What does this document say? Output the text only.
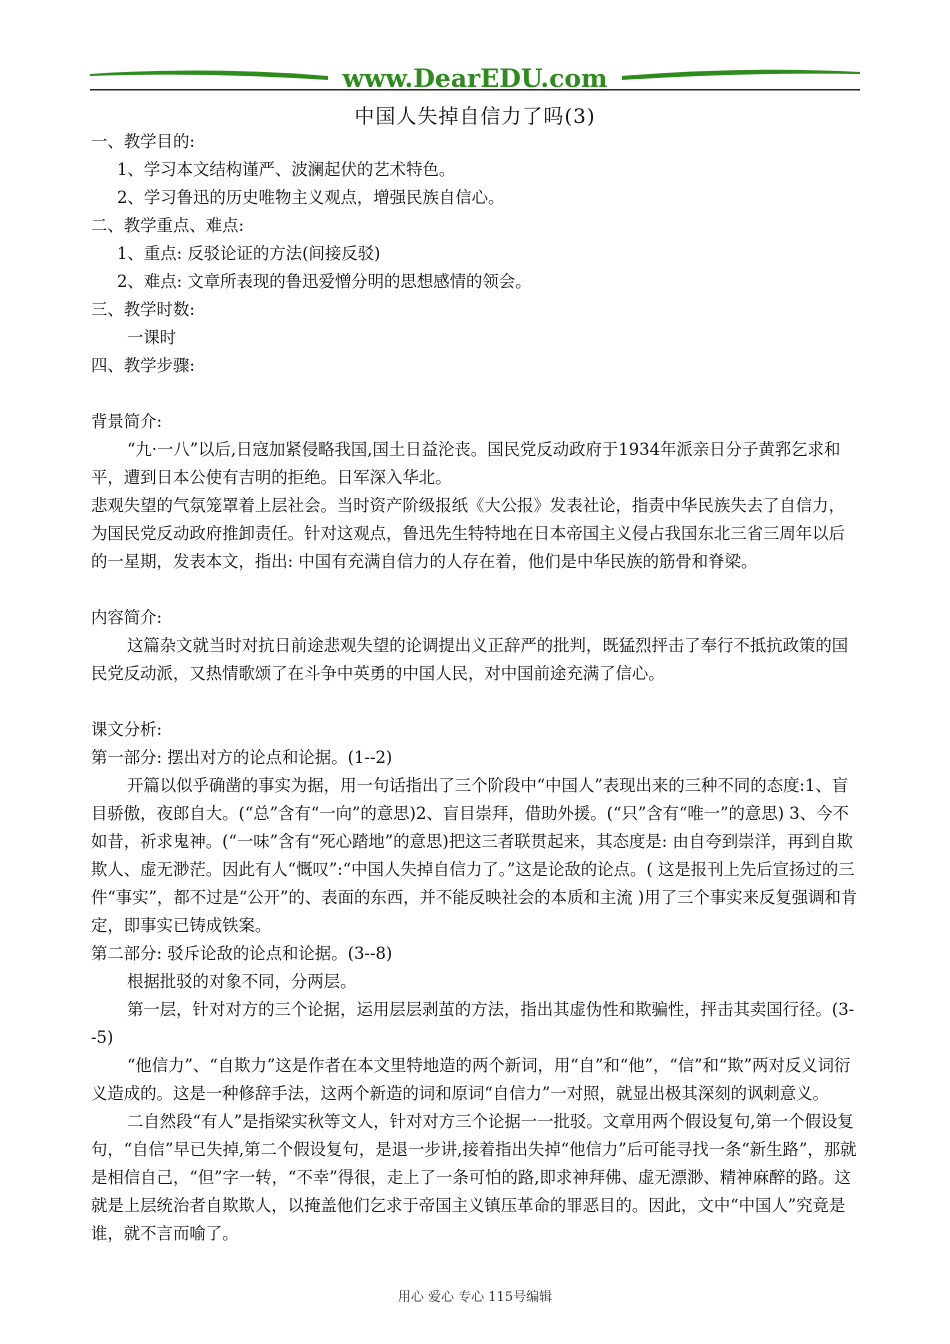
www.DearEDU.com
中国人失掉自信力了吗(3)

一、教学目的:

1、学习本文结构谨严、波澜起伏的艺术特色。

2、学习鲁迅的历史唯物主义观点，增强民族自信心。

二、教学重点、难点:

1、重点: 反驳论证的方法(间接反驳)

2、难点: 文章所表现的鲁迅爱憎分明的思想感情的领会。

三、教学时数:

一课时

四、教学步骤:

背景简介:

“九·一八”以后,日寇加紧侵略我国,国土日益沦丧。国民党反动政府于1934年派亲日分子黄郛乞求和平，遭到日本公使有吉明的拒绝。日军深入华北。

悲观失望的气氛笼罩着上层社会。当时资产阶级报纸《大公报》发表社论，指责中华民族失去了自信力，为国民党反动政府推卸责任。针对这观点，鲁迅先生特特地在日本帝国主义侵占我国东北三省三周年以后的一星期，发表本文，指出: 中国有充满自信力的人存在着，他们是中华民族的筋骨和脊梁。

内容简介:

这篇杂文就当时对抗日前途悲观失望的论调提出义正辞严的批判，既猛烈抨击了奉行不抵抗政策的国民党反动派，又热情歌颂了在斗争中英勇的中国人民，对中国前途充满了信心。

课文分析:

第一部分: 摆出对方的论点和论据。(1--2)

开篇以似乎确凿的事实为据，用一句话指出了三个阶段中“中国人”表现出来的三种不同的态度:1、盲目骄傲，夜郎自大。(“总”含有“一向”的意思)2、盲目崇拜，借助外援。(“只”含有“唯一”的意思) 3、今不如昔，祈求鬼神。(“一味”含有“死心踏地”的意思)把这三者联贯起来，其态度是: 由自夸到崇洋，再到自欺欺人、虚无渺茫。因此有人“慨叹”:“中国人失掉自信力了。”这是论敌的论点。( 这是报刊上先后宣扬过的三件“事实”，都不过是“公开”的、表面的东西，并不能反映社会的本质和主流 )用了三个事实来反复强调和肯定，即事实已铸成铁案。

第二部分: 驳斥论敌的论点和论据。(3--8)

根据批驳的对象不同，分两层。

第一层，针对对方的三个论据，运用层层剥茧的方法，指出其虚伪性和欺骗性，抨击其卖国行径。(3--5)

“他信力”、“自欺力”这是作者在本文里特地造的两个新词，用“自”和“他”，“信”和“欺”两对反义词衍义造成的。这是一种修辞手法，这两个新造的词和原词“自信力”一对照，就显出极其深刻的讽刺意义。

二自然段“有人”是指梁实秋等文人，针对对方三个论据一一批驳。文章用两个假设复句,第一个假设复句，“自信”早已失掉,第二个假设复句，是退一步讲,接着指出失掉“他信力”后可能寻找一条“新生路”，那就是相信自己，“但”字一转，“不幸”得很，走上了一条可怕的路,即求神拜佛、虚无漂渺、精神麻醉的路。这就是上层统治者自欺欺人，以掩盖他们乞求于帝国主义镇压革命的罪恶目的。因此，文中“中国人”究竟是谁，就不言而喻了。

用心 爱心 专心 115号编辑
